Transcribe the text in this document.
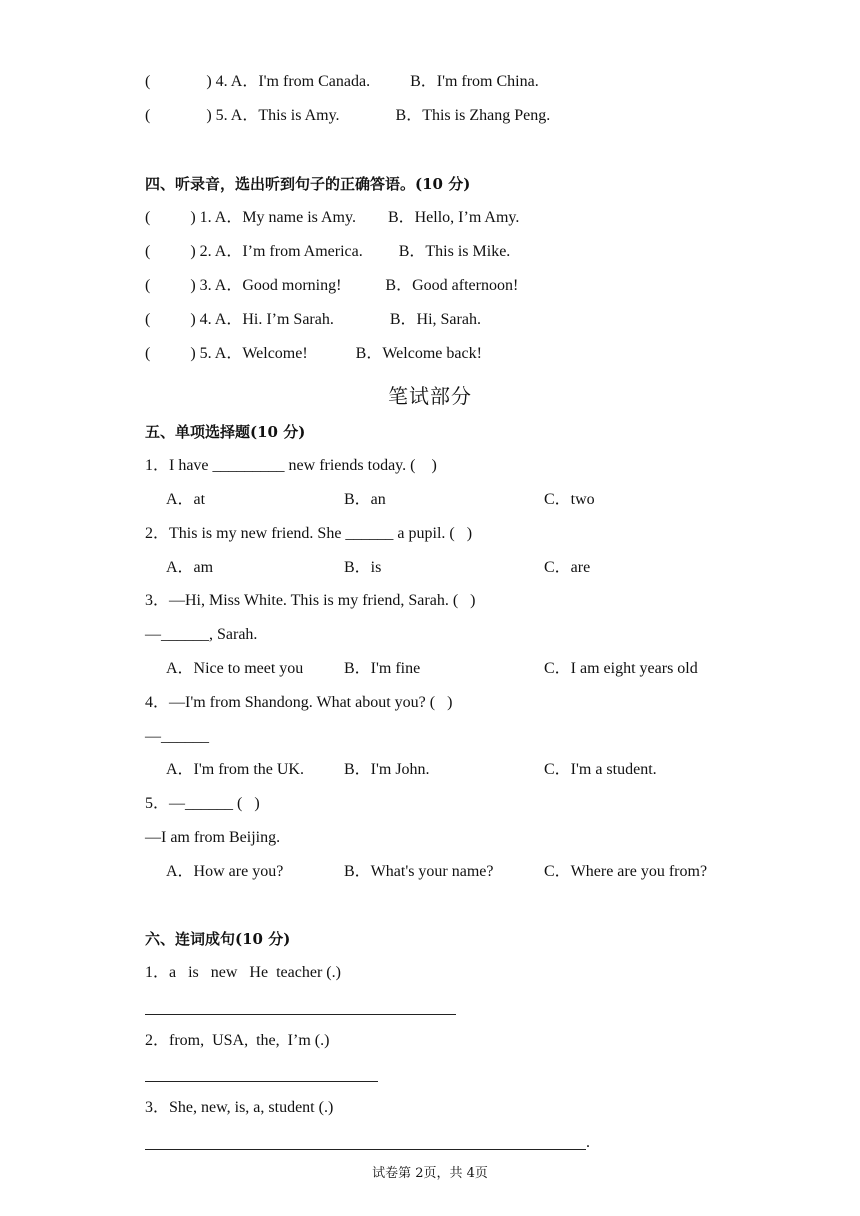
(              ) 4. A．I'm from Canada.          B．I'm from China.
(              ) 5. A．This is Amy.              B．This is Zhang Peng.
四、听录音，选出听到句子的正确答语。(10 分)
(          ) 1. A．My name is Amy.        B．Hello, I’m Amy.
(          ) 2. A．I’m from America.         B．This is Mike.
(          ) 3. A．Good morning!           B．Good afternoon!
(          ) 4. A．Hi. I’m Sarah.              B．Hi, Sarah.
(          ) 5. A．Welcome!            B．Welcome back!
笔试部分
五、单项选择题(10 分)
1．I have _________ new friends today. (    )
A．at	B．an	C．two
2．This is my new friend. She ______ a pupil. (   )
A．am	B．is	C．are
3．—Hi, Miss White. This is my friend, Sarah. (   )
—______, Sarah.
A．Nice to meet you	B．I'm fine	C．I am eight years old
4．—I'm from Shandong. What about you? (   )
—______
A．I'm from the UK.	B．I'm John.	C．I'm a student.
5．—______ (   )
—I am from Beijing.
A．How are you?	B．What's your name?	C．Where are you from?
六、连词成句(10 分)
1．a   is   new   He  teacher (.)
2．from,  USA,  the,  I’m (.)
3．She, new, is, a, student (.)
.
试卷第 2页，共 4页
